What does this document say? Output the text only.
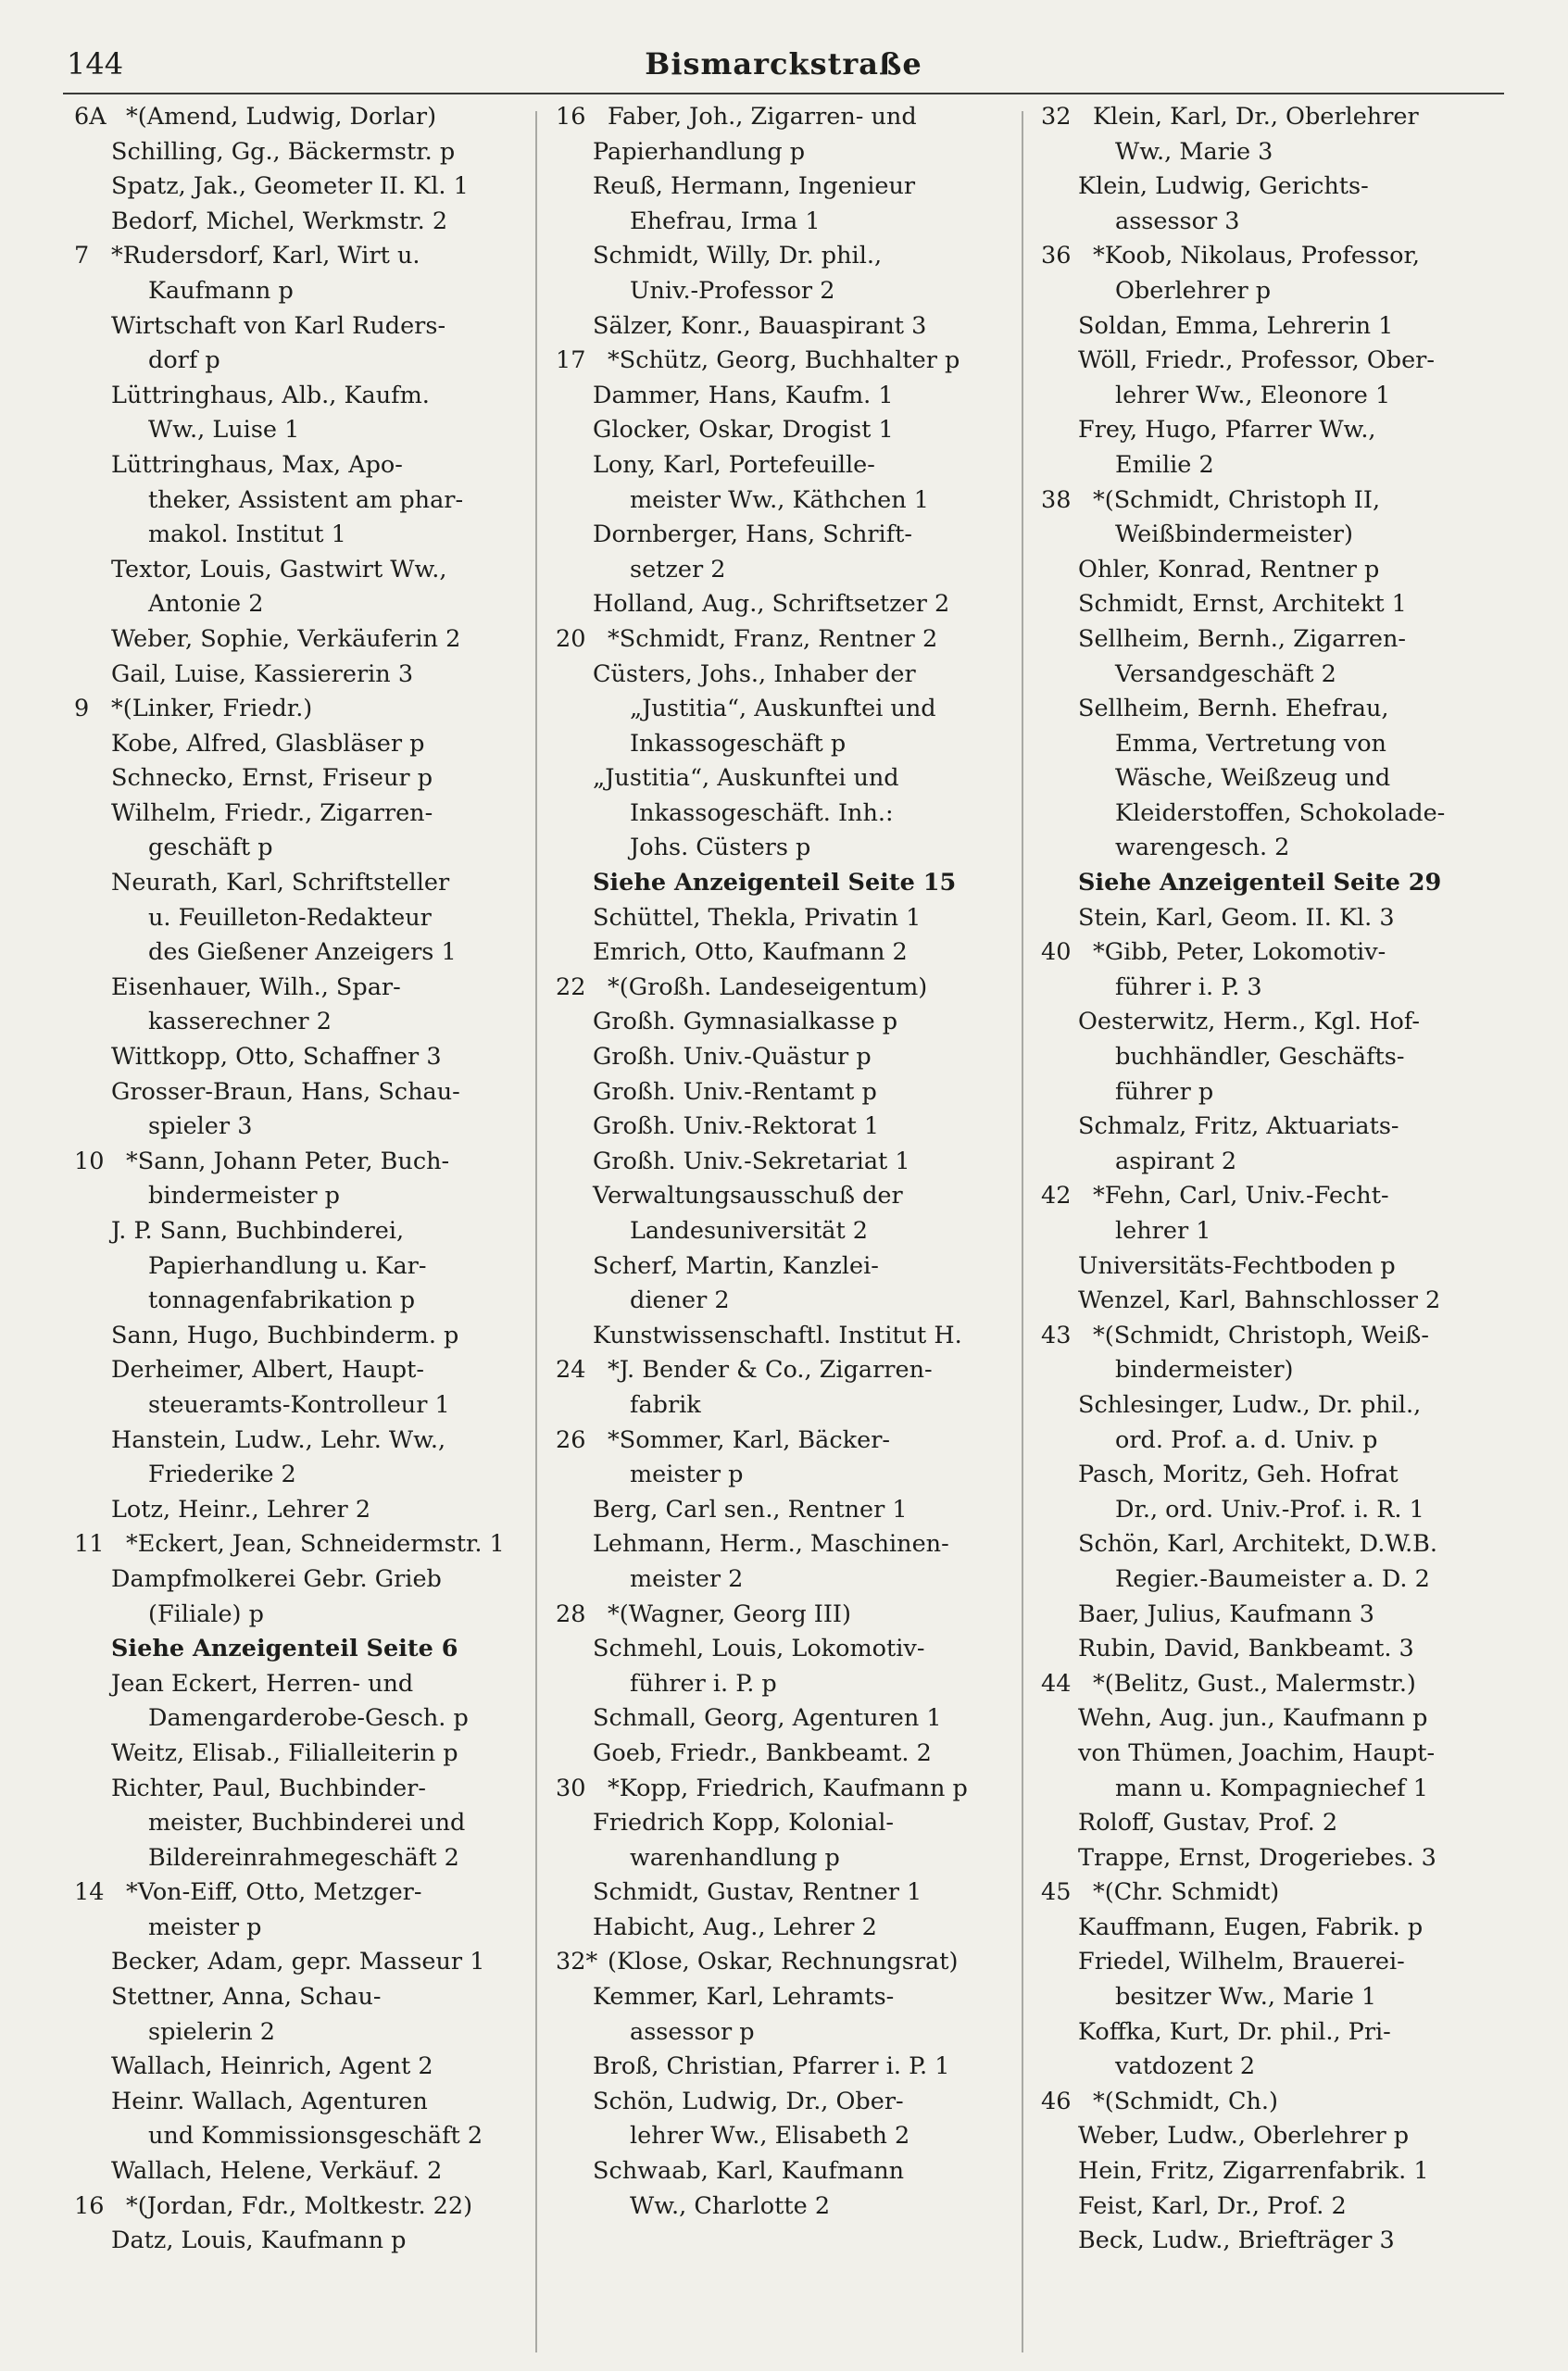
144	Bismarckstraße
6A *(Amend, Ludwig, Dorlar)
Schilling, Gg., Bäckermstr. p
Spatz, Jak., Geometer II. Kl. 1
Bedorf, Michel, Werkmstr. 2
7 *Rudersdorf, Karl, Wirt u.
Kaufmann p
Wirtschaft von Karl Ruders-
dorf p
Lüttringhaus, Alb., Kaufm.
Ww., Luise 1
Lüttringhaus, Max, Apo-
theker, Assistent am phar-
makol. Institut 1
Textor, Louis, Gastwirt Ww.,
Antonie 2
Weber, Sophie, Verkäuferin 2
Gail, Luise, Kassiererin 3
9 *(Linker, Friedr.)
Kobe, Alfred, Glasbläser p
Schnecko, Ernst, Friseur p
Wilhelm, Friedr., Zigarren-
geschäft p
Neurath, Karl, Schriftsteller
u. Feuilleton-Redakteur
des Gießener Anzeigers 1
Eisenhauer, Wilh., Spar-
kasserechner 2
Wittkopp, Otto, Schaffner 3
Grosser-Braun, Hans, Schau-
spieler 3
10 *Sann, Johann Peter, Buch-
bindermeister p
J. P. Sann, Buchbinderei,
Papierhandlung u. Kar-
tonnagenfabrikation p
Sann, Hugo, Buchbinderm. p
Derheimer, Albert, Haupt-
steueramts-Kontrolleur 1
Hanstein, Ludw., Lehr. Ww.,
Friederike 2
Lotz, Heinr., Lehrer 2
11 *Eckert, Jean, Schneidermstr. 1
Dampfmolkerei Gebr. Grieb
(Filiale) p
Siehe Anzeigenteil Seite 6
Jean Eckert, Herren- und
Damengarderobe-Gesch. p
Weitz, Elisab., Filialleiterin p
Richter, Paul, Buchbinder-
meister, Buchbinderei und
Bildereinrahmegeschäft 2
14 *Von-Eiff, Otto, Metzger-
meister p
Becker, Adam, gepr. Masseur 1
Stettner, Anna, Schau-
spielerin 2
Wallach, Heinrich, Agent 2
Heinr. Wallach, Agenturen
und Kommissionsgeschäft 2
Wallach, Helene, Verkäuf. 2
16 *(Jordan, Fdr., Moltkestr. 22)
Datz, Louis, Kaufmann p
16 Faber, Joh., Zigarren- und
Papierhandlung p
Reuß, Hermann, Ingenieur
Ehefrau, Irma 1
Schmidt, Willy, Dr. phil.,
Univ.-Professor 2
Sälzer, Konr., Bauaspirant 3
17 *Schütz, Georg, Buchhalter p
Dammer, Hans, Kaufm. 1
Glocker, Oskar, Drogist 1
Lony, Karl, Portefeuille-
meister Ww., Käthchen 1
Dornberger, Hans, Schrift-
setzer 2
Holland, Aug., Schriftsetzer 2
20 *Schmidt, Franz, Rentner 2
Cüsters, Johs., Inhaber der
„Justitia“, Auskunftei und
Inkassogeschäft p
„Justitia“, Auskunftei und
Inkassogeschäft. Inh.:
Johs. Cüsters p
Siehe Anzeigenteil Seite 15
Schüttel, Thekla, Privatin 1
Emrich, Otto, Kaufmann 2
22 *(Großh. Landeseigentum)
Großh. Gymnasialkasse p
Großh. Univ.-Quästur p
Großh. Univ.-Rentamt p
Großh. Univ.-Rektorat 1
Großh. Univ.-Sekretariat 1
Verwaltungsausschuß der
Landesuniversität 2
Scherf, Martin, Kanzlei-
diener 2
Kunstwissenschaftl. Institut H.
24 *J. Bender & Co., Zigarren-
fabrik
26 *Sommer, Karl, Bäcker-
meister p
Berg, Carl sen., Rentner 1
Lehmann, Herm., Maschinen-
meister 2
28 *(Wagner, Georg III)
Schmehl, Louis, Lokomotiv-
führer i. P. p
Schmall, Georg, Agenturen 1
Goeb, Friedr., Bankbeamt. 2
30 *Kopp, Friedrich, Kaufmann p
Friedrich Kopp, Kolonial-
warenhandlung p
Schmidt, Gustav, Rentner 1
Habicht, Aug., Lehrer 2
32* (Klose, Oskar, Rechnungsrat)
Kemmer, Karl, Lehramts-
assessor p
Broß, Christian, Pfarrer i. P. 1
Schön, Ludwig, Dr., Ober-
lehrer Ww., Elisabeth 2
Schwaab, Karl, Kaufmann
Ww., Charlotte 2
32 Klein, Karl, Dr., Oberlehrer
Ww., Marie 3
Klein, Ludwig, Gerichts-
assessor 3
36 *Koob, Nikolaus, Professor,
Oberlehrer p
Soldan, Emma, Lehrerin 1
Wöll, Friedr., Professor, Ober-
lehrer Ww., Eleonore 1
Frey, Hugo, Pfarrer Ww.,
Emilie 2
38 *(Schmidt, Christoph II,
Weißbindermeister)
Ohler, Konrad, Rentner p
Schmidt, Ernst, Architekt 1
Sellheim, Bernh., Zigarren-
Versandgeschäft 2
Sellheim, Bernh. Ehefrau,
Emma, Vertretung von
Wäsche, Weißzeug und
Kleiderstoffen, Schokolade-
warengesch. 2
Siehe Anzeigenteil Seite 29
Stein, Karl, Geom. II. Kl. 3
40 *Gibb, Peter, Lokomotiv-
führer i. P. 3
Oesterwitz, Herm., Kgl. Hof-
buchhändler, Geschäfts-
führer p
Schmalz, Fritz, Aktuariats-
aspirant 2
42 *Fehn, Carl, Univ.-Fecht-
lehrer 1
Universitäts-Fechtboden p
Wenzel, Karl, Bahnschlosser 2
43 *(Schmidt, Christoph, Weiß-
bindermeister)
Schlesinger, Ludw., Dr. phil.,
ord. Prof. a. d. Univ. p
Pasch, Moritz, Geh. Hofrat
Dr., ord. Univ.-Prof. i. R. 1
Schön, Karl, Architekt, D.W.B.
Regier.-Baumeister a. D. 2
Baer, Julius, Kaufmann 3
Rubin, David, Bankbeamt. 3
44 *(Belitz, Gust., Malermstr.)
Wehn, Aug. jun., Kaufmann p
von Thümen, Joachim, Haupt-
mann u. Kompagniechef 1
Roloff, Gustav, Prof. 2
Trappe, Ernst, Drogeriebes. 3
45 *(Chr. Schmidt)
Kauffmann, Eugen, Fabrik. p
Friedel, Wilhelm, Brauerei-
besitzer Ww., Marie 1
Koffka, Kurt, Dr. phil., Pri-
vatdozent 2
46 *(Schmidt, Ch.)
Weber, Ludw., Oberlehrer p
Hein, Fritz, Zigarrenfabrik. 1
Feist, Karl, Dr., Prof. 2
Beck, Ludw., Briefträger 3
